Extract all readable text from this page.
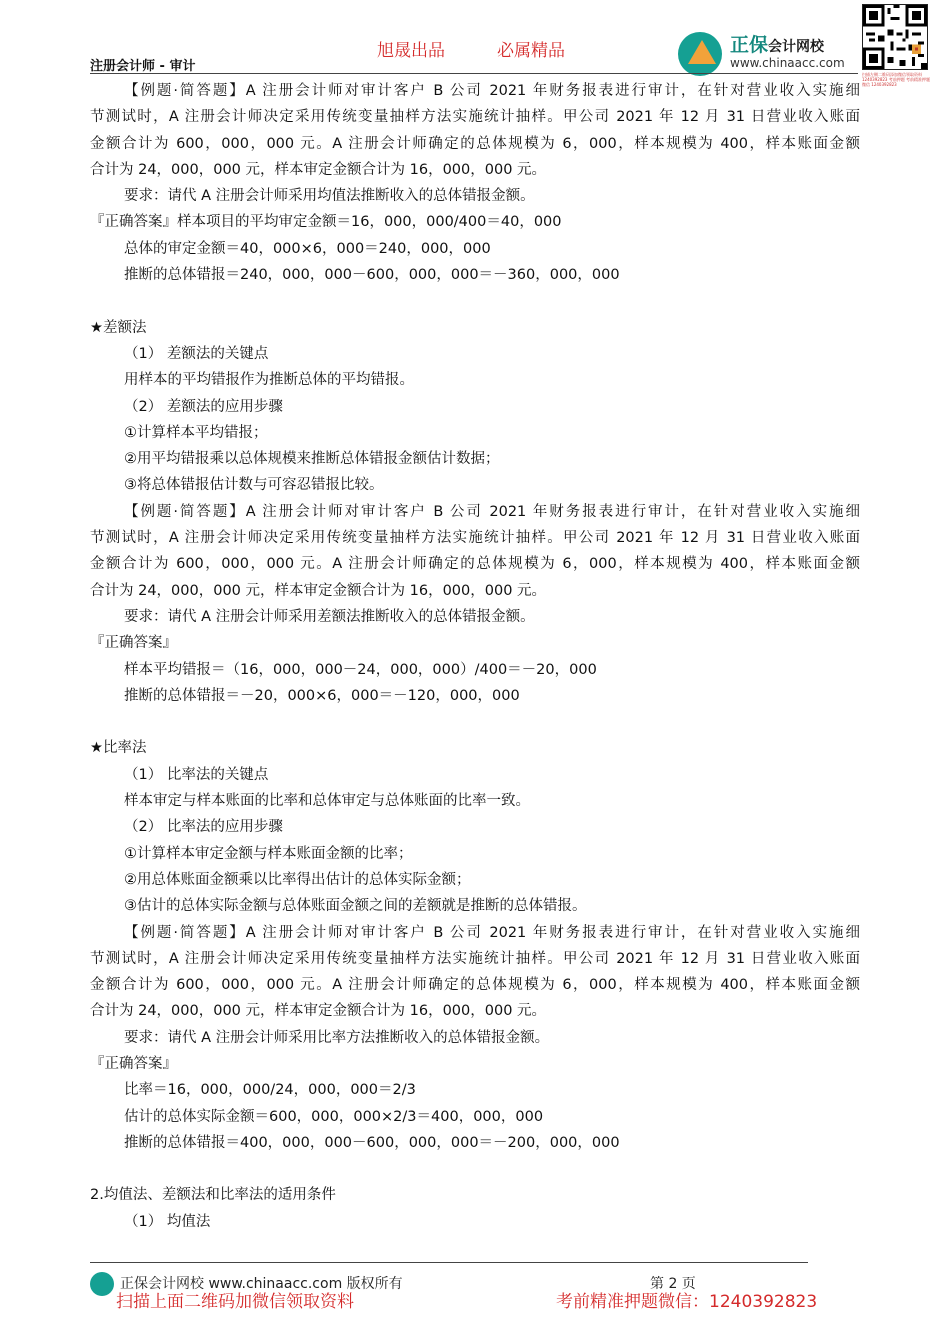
旭晟出品	必属精品
注册会计师 - 审计
正保会计网校
www.chinaacc.com
扫描左侧二维码添加微信领取资料 1240392823 考前押题 考前精准押题微信 1240392823
【例题·简答题】A 注册会计师对审计客户 B 公司 2021 年财务报表进行审计，在针对营业收入实施细
节测试时，A 注册会计师决定采用传统变量抽样方法实施统计抽样。甲公司 2021 年 12 月 31 日营业收入账面
金额合计为 600，000，000 元。A 注册会计师确定的总体规模为 6，000，样本规模为 400，样本账面金额
合计为 24，000，000 元，样本审定金额合计为 16，000，000 元。
要求：请代 A 注册会计师采用均值法推断收入的总体错报金额。
『正确答案』样本项目的平均审定金额＝16，000，000/400＝40，000
总体的审定金额＝40，000×6，000＝240，000，000
推断的总体错报＝240，000，000－600，000，000＝－360，000，000
★差额法
（1） 差额法的关键点
用样本的平均错报作为推断总体的平均错报。
（2） 差额法的应用步骤
①计算样本平均错报；
②用平均错报乘以总体规模来推断总体错报金额估计数据；
③将总体错报估计数与可容忍错报比较。
【例题·简答题】A 注册会计师对审计客户 B 公司 2021 年财务报表进行审计，在针对营业收入实施细
节测试时，A 注册会计师决定采用传统变量抽样方法实施统计抽样。甲公司 2021 年 12 月 31 日营业收入账面
金额合计为 600，000，000 元。A 注册会计师确定的总体规模为 6，000，样本规模为 400，样本账面金额
合计为 24，000，000 元，样本审定金额合计为 16，000，000 元。
要求：请代 A 注册会计师采用差额法推断收入的总体错报金额。
『正确答案』
样本平均错报＝（16，000，000－24，000，000）/400＝－20，000
推断的总体错报＝－20，000×6，000＝－120，000，000
★比率法
（1） 比率法的关键点
样本审定与样本账面的比率和总体审定与总体账面的比率一致。
（2） 比率法的应用步骤
①计算样本审定金额与样本账面金额的比率；
②用总体账面金额乘以比率得出估计的总体实际金额；
③估计的总体实际金额与总体账面金额之间的差额就是推断的总体错报。
【例题·简答题】A 注册会计师对审计客户 B 公司 2021 年财务报表进行审计，在针对营业收入实施细
节测试时，A 注册会计师决定采用传统变量抽样方法实施统计抽样。甲公司 2021 年 12 月 31 日营业收入账面
金额合计为 600，000，000 元。A 注册会计师确定的总体规模为 6，000，样本规模为 400，样本账面金额
合计为 24，000，000 元，样本审定金额合计为 16，000，000 元。
要求：请代 A 注册会计师采用比率方法推断收入的总体错报金额。
『正确答案』
比率＝16，000，000/24，000，000＝2/3
估计的总体实际金额＝600，000，000×2/3＝400，000，000
推断的总体错报＝400，000，000－600，000，000＝－200，000，000
2.均值法、差额法和比率法的适用条件
（1） 均值法
正保会计网校 www.chinaacc.com 版权所有	第 2 页
扫描上面二维码加微信领取资料	考前精准押题微信：1240392823
